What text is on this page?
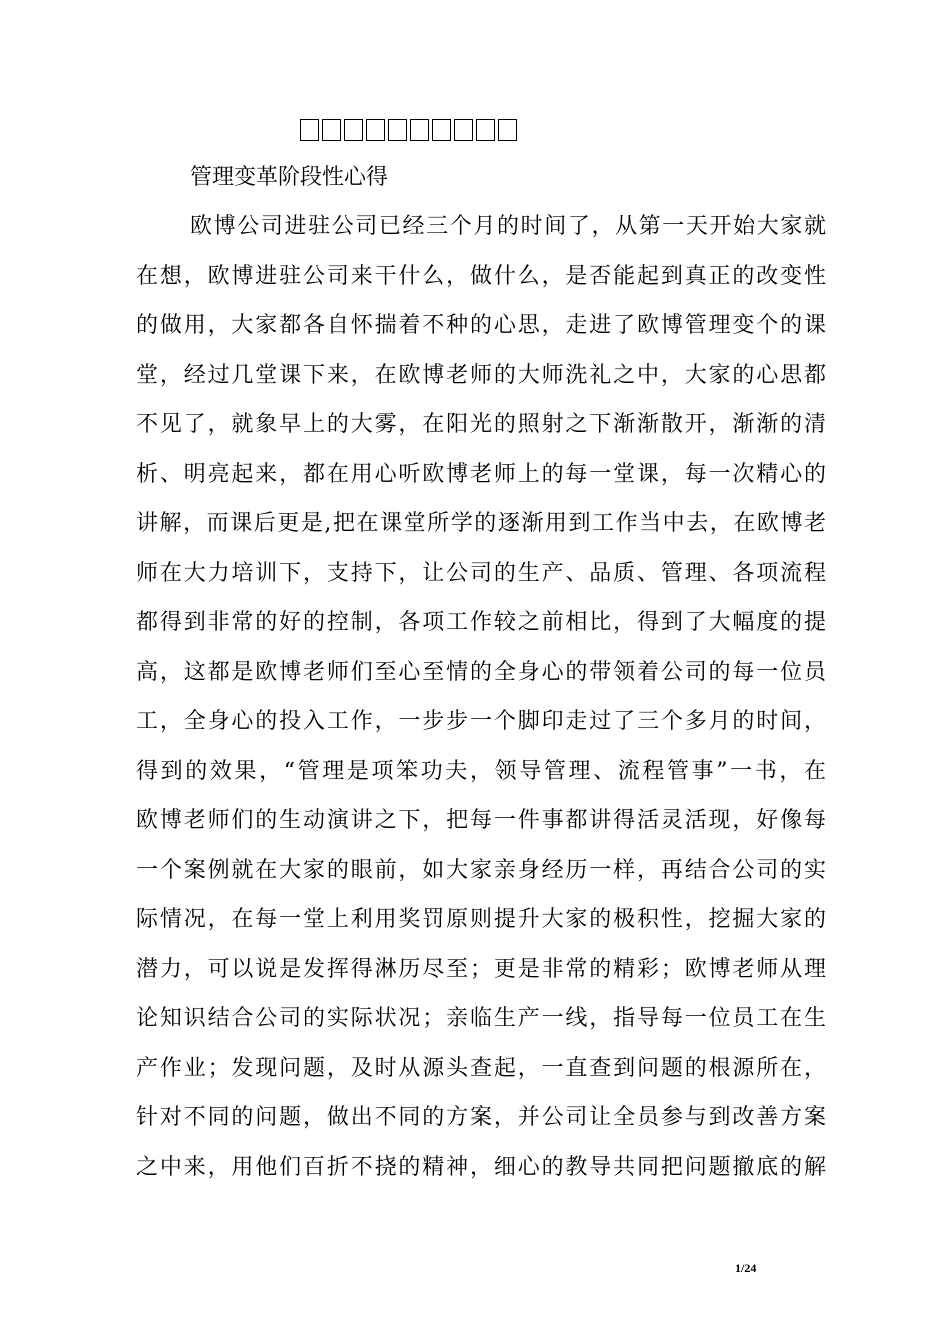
管理变革阶段性心得
欧博公司进驻公司已经三个月的时间了，从第一天开始大家就
在想，欧博进驻公司来干什么，做什么，是否能起到真正的改变性
的做用，大家都各自怀揣着不种的心思，走进了欧博管理变个的课
堂，经过几堂课下来，在欧博老师的大师洗礼之中，大家的心思都
不见了，就象早上的大雾，在阳光的照射之下渐渐散开，渐渐的清
析、明亮起来，都在用心听欧博老师上的每一堂课，每一次精心的
讲解，而课后更是,把在课堂所学的逐渐用到工作当中去，在欧博老
师在大力培训下，支持下，让公司的生产、品质、管理、各项流程
都得到非常的好的控制，各项工作较之前相比，得到了大幅度的提
高，这都是欧博老师们至心至情的全身心的带领着公司的每一位员
工，全身心的投入工作，一步步一个脚印走过了三个多月的时间，
得到的效果，“管理是项笨功夫，领导管理、流程管事”一书，在
欧博老师们的生动演讲之下，把每一件事都讲得活灵活现，好像每
一个案例就在大家的眼前，如大家亲身经历一样，再结合公司的实
际情况，在每一堂上利用奖罚原则提升大家的极积性，挖掘大家的
潜力，可以说是发挥得淋历尽至；更是非常的精彩；欧博老师从理
论知识结合公司的实际状况；亲临生产一线，指导每一位员工在生
产作业；发现问题，及时从源头查起，一直查到问题的根源所在，
针对不同的问题，做出不同的方案，并公司让全员参与到改善方案
之中来，用他们百折不挠的精神，细心的教导共同把问题撤底的解
1/24
